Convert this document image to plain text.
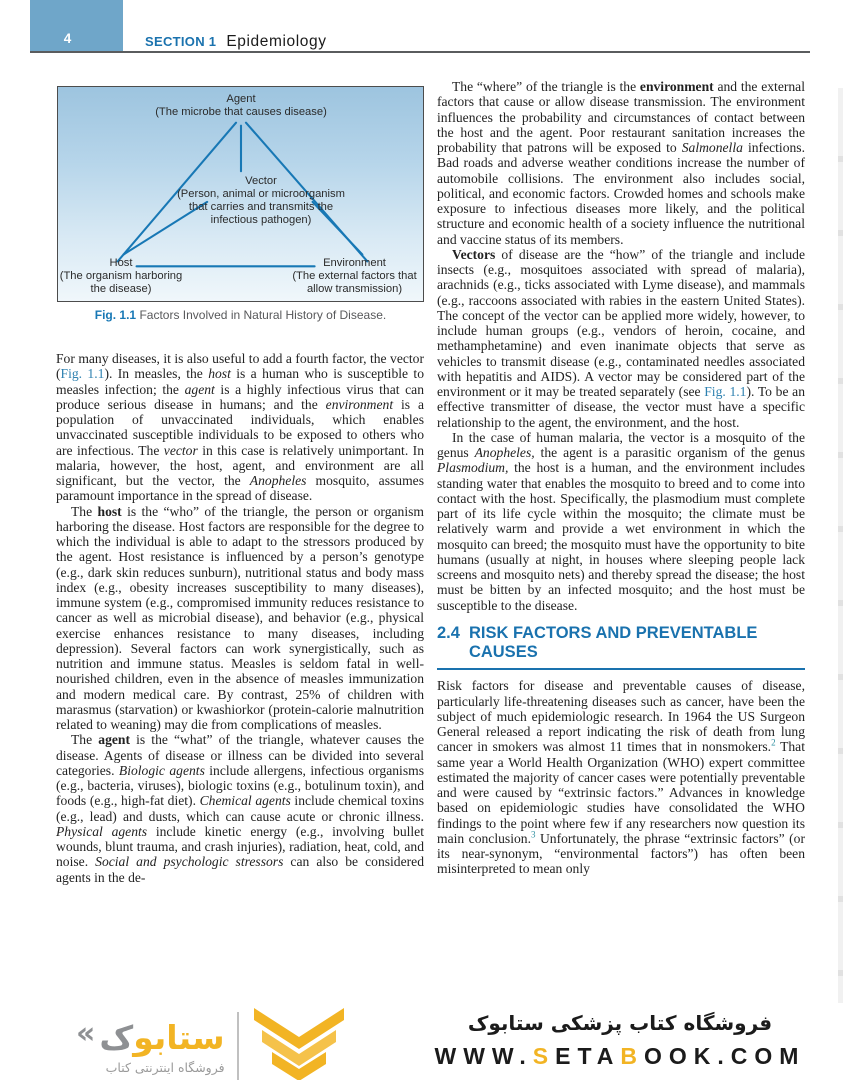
4	SECTION 1 Epidemiology
Agent
(The microbe that causes disease)
Vector
(Person, animal or microorganism that carries and transmits the infectious pathogen)
Host
(The organism harboring the disease)
Environment
(The external factors that allow transmission)
Fig. 1.1 Factors Involved in Natural History of Disease.

For many diseases, it is also useful to add a fourth factor, the vector (Fig. 1.1). In measles, the host is a human who is susceptible to measles infection; the agent is a highly infectious virus that can produce serious disease in humans; and the environment is a population of unvaccinated individuals, which enables unvaccinated susceptible individuals to be exposed to others who are infectious. The vector in this case is relatively unimportant. In malaria, however, the host, agent, and environment are all significant, but the vector, the Anopheles mosquito, assumes paramount importance in the spread of disease.

The host is the “who” of the triangle, the person or organism harboring the disease. Host factors are responsible for the degree to which the individual is able to adapt to the stressors produced by the agent. Host resistance is influenced by a person’s genotype (e.g., dark skin reduces sunburn), nutritional status and body mass index (e.g., obesity increases susceptibility to many diseases), immune system (e.g., compromised immunity reduces resistance to cancer as well as microbial disease), and behavior (e.g., physical exercise enhances resistance to many diseases, including depression). Several factors can work synergistically, such as nutrition and immune status. Measles is seldom fatal in well-nourished children, even in the absence of measles immunization and modern medical care. By contrast, 25% of children with marasmus (starvation) or kwashiorkor (protein-calorie malnutrition related to weaning) may die from complications of measles.

The agent is the “what” of the triangle, whatever causes the disease. Agents of disease or illness can be divided into several categories. Biologic agents include allergens, infectious organisms (e.g., bacteria, viruses), biologic toxins (e.g., botulinum toxin), and foods (e.g., high-fat diet). Chemical agents include chemical toxins (e.g., lead) and dusts, which can cause acute or chronic illness. Physical agents include kinetic energy (e.g., involving bullet wounds, blunt trauma, and crash injuries), radiation, heat, cold, and noise. Social and psychologic stressors can also be considered agents in the de-

The “where” of the triangle is the environment and the external factors that cause or allow disease transmission. The environment influences the probability and circumstances of contact between the host and the agent. Poor restaurant sanitation increases the probability that patrons will be exposed to Salmonella infections. Bad roads and adverse weather conditions increase the number of automobile collisions. The environment also includes social, political, and economic factors. Crowded homes and schools make exposure to infectious diseases more likely, and the political structure and economic health of a society influence the nutritional and vaccine status of its members.

Vectors of disease are the “how” of the triangle and include insects (e.g., mosquitoes associated with spread of malaria), arachnids (e.g., ticks associated with Lyme disease), and mammals (e.g., raccoons associated with rabies in the eastern United States). The concept of the vector can be applied more widely, however, to include human groups (e.g., vendors of heroin, cocaine, and methamphetamine) and even inanimate objects that serve as vehicles to transmit disease (e.g., contaminated needles associated with hepatitis and AIDS). A vector may be considered part of the environment or it may be treated separately (see Fig. 1.1). To be an effective transmitter of disease, the vector must have a specific relationship to the agent, the environment, and the host.

In the case of human malaria, the vector is a mosquito of the genus Anopheles, the agent is a parasitic organism of the genus Plasmodium, the host is a human, and the environment includes standing water that enables the mosquito to breed and to come into contact with the host. Specifically, the plasmodium must complete part of its life cycle within the mosquito; the climate must be relatively warm and provide a wet environment in which the mosquito can breed; the mosquito must have the opportunity to bite humans (usually at night, in houses where sleeping people lack screens and mosquito nets) and thereby spread the disease; the host must be bitten by an infected mosquito; and the host must be susceptible to the disease.

2.4 RISK FACTORS AND PREVENTABLE CAUSES

Risk factors for disease and preventable causes of disease, particularly life-threatening diseases such as cancer, have been the subject of much epidemiologic research. In 1964 the US Surgeon General released a report indicating the risk of death from lung cancer in smokers was almost 11 times that in nonsmokers.$^2$ That same year a World Health Organization (WHO) expert committee estimated the majority of cancer cases were potentially preventable and were caused by “extrinsic factors.” Advances in knowledge based on epidemiologic studies have consolidated the WHO findings to the point where few if any researchers now question its main conclusion.$^3$ Unfortunately, the phrase “extrinsic factors” (or its near-synonym, “environmental factors”) has often been misinterpreted to mean only

«	ستابوک
فروشگاه اینترنتی کتاب
فروشگاه کتاب پزشکی ستابوک
WWW.SETABOOK.COM
